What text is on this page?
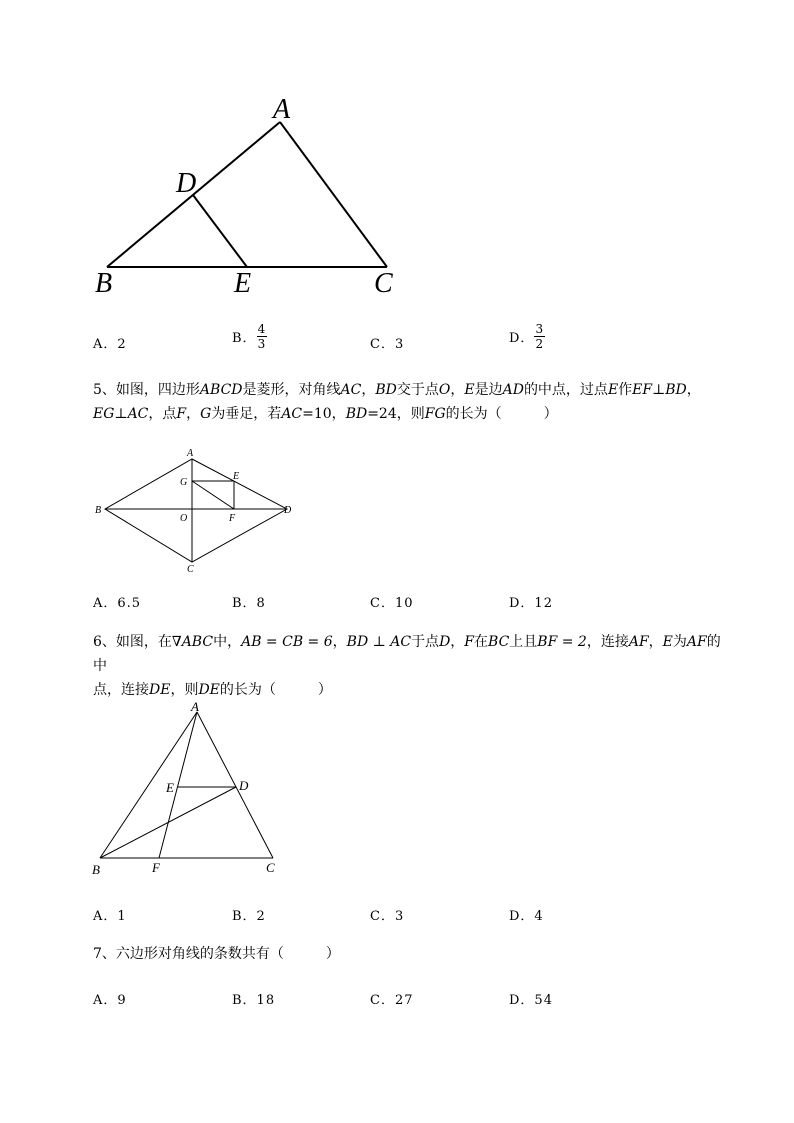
A
D
B	E	C
A．2	B． $\frac{4}{3}$	C．3	D． $\frac{3}{2}$
5、如图，四边形ABCD是菱形，对角线AC，BD交于点O，E是边AD的中点，过点E作EF⊥BD，
EG⊥AC，点F，G为垂足，若AC=10，BD=24，则FG的长为（　　　）
A
G
E
B
O	F
D
C
A．6.5	B．8	C．10	D．12
6、如图，在∇ABC中，AB = CB = 6，BD ⊥ AC于点D，F在BC上且BF = 2，连接AF，E为AF的中
点，连接DE，则DE的长为（　　　）
A
E	D
B	F	C
A．1	B．2	C．3	D．4
7、六边形对角线的条数共有（　　　）
A．9	B．18	C．27	D．54
